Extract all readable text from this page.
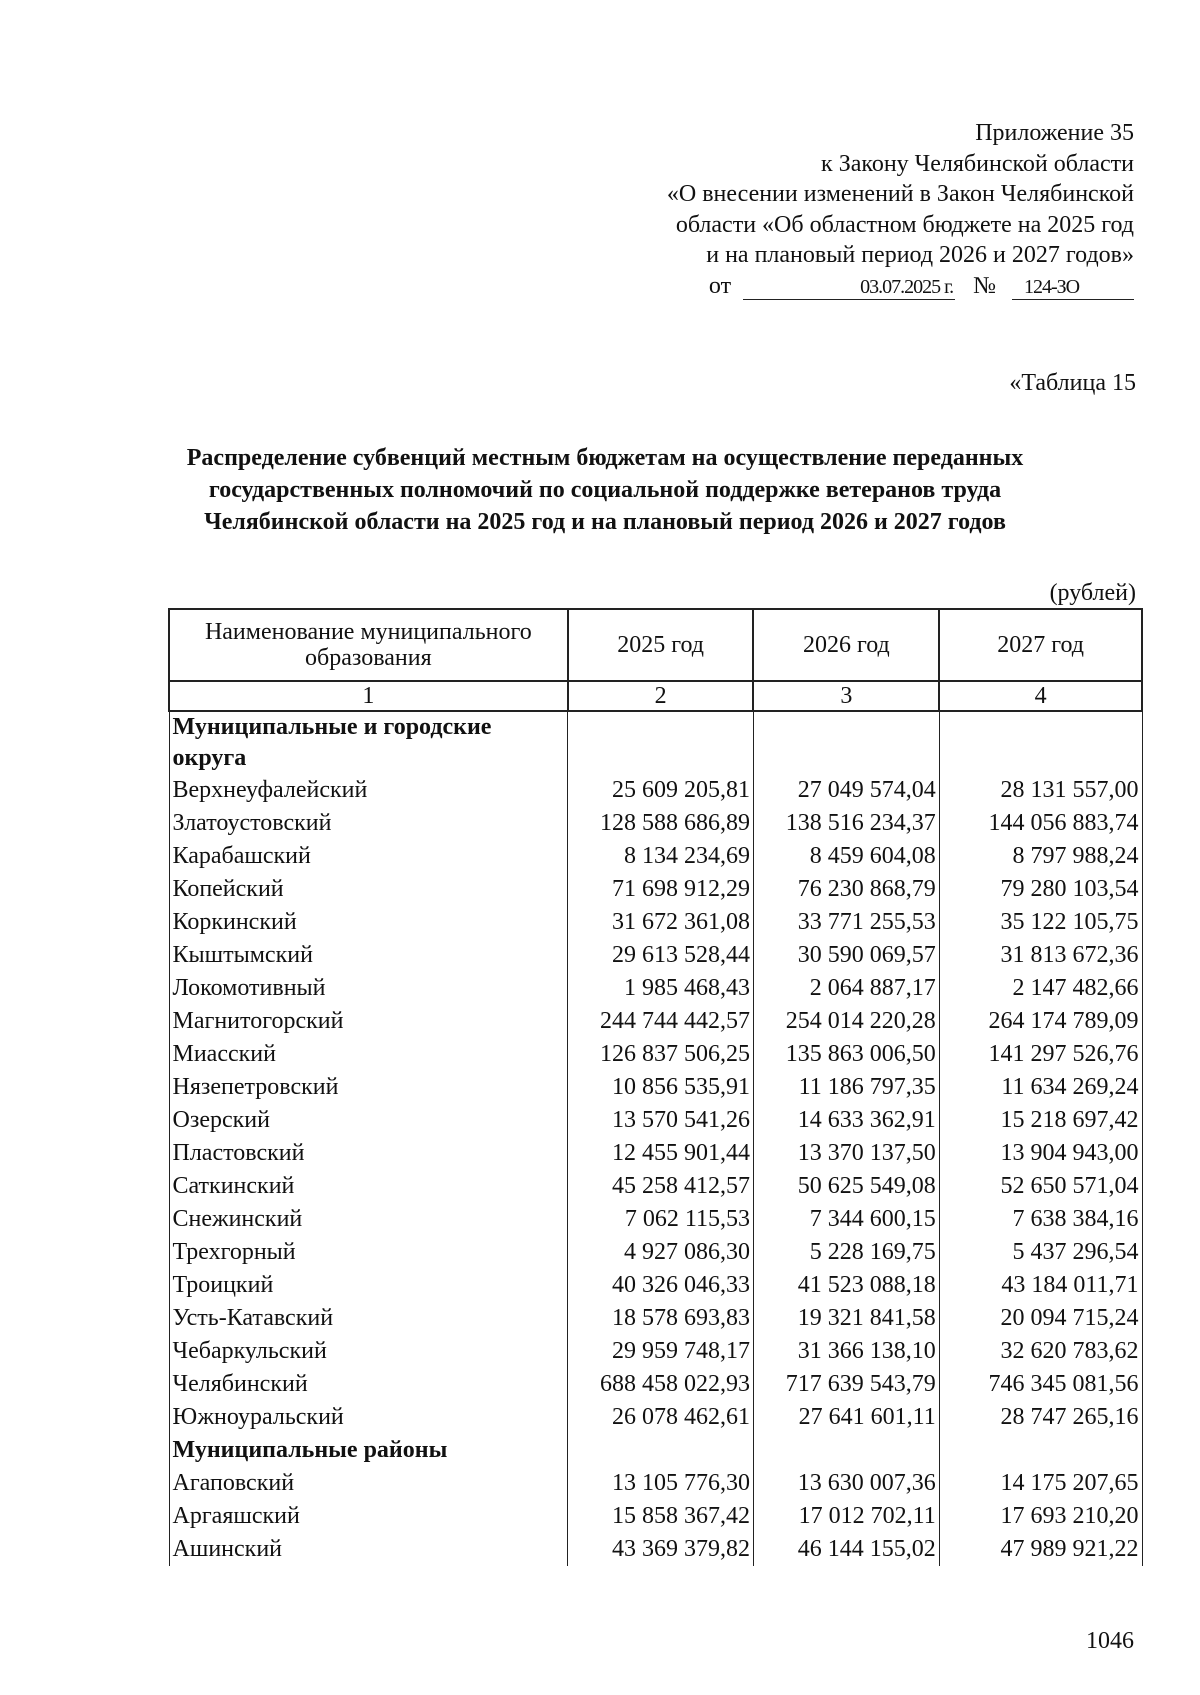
Приложение 35
к Закону Челябинской области
«О внесении изменений в Закон Челябинской
области «Об областном бюджете на 2025 год
и на плановый период 2026 и 2027 годов»
от	03.07.2025 г. № 124-ЗО
«Таблица 15
Распределение субвенций местным бюджетам на осуществление переданных государственных полномочий по социальной поддержке ветеранов труда Челябинской области на 2025 год и на плановый период 2026 и 2027 годов
(рублей)
Наименование муниципального образования	2025 год	2026 год	2027 год
1	2	3	4
Муниципальные и городские округа			
Верхнеуфалейский	25 609 205,81	27 049 574,04	28 131 557,00
Златоустовский	128 588 686,89	138 516 234,37	144 056 883,74
Карабашский	8 134 234,69	8 459 604,08	8 797 988,24
Копейский	71 698 912,29	76 230 868,79	79 280 103,54
Коркинский	31 672 361,08	33 771 255,53	35 122 105,75
Кыштымский	29 613 528,44	30 590 069,57	31 813 672,36
Локомотивный	1 985 468,43	2 064 887,17	2 147 482,66
Магнитогорский	244 744 442,57	254 014 220,28	264 174 789,09
Миасский	126 837 506,25	135 863 006,50	141 297 526,76
Нязепетровский	10 856 535,91	11 186 797,35	11 634 269,24
Озерский	13 570 541,26	14 633 362,91	15 218 697,42
Пластовский	12 455 901,44	13 370 137,50	13 904 943,00
Саткинский	45 258 412,57	50 625 549,08	52 650 571,04
Снежинский	7 062 115,53	7 344 600,15	7 638 384,16
Трехгорный	4 927 086,30	5 228 169,75	5 437 296,54
Троицкий	40 326 046,33	41 523 088,18	43 184 011,71
Усть-Катавский	18 578 693,83	19 321 841,58	20 094 715,24
Чебаркульский	29 959 748,17	31 366 138,10	32 620 783,62
Челябинский	688 458 022,93	717 639 543,79	746 345 081,56
Южноуральский	26 078 462,61	27 641 601,11	28 747 265,16
Муниципальные районы			
Агаповский	13 105 776,30	13 630 007,36	14 175 207,65
Аргаяшский	15 858 367,42	17 012 702,11	17 693 210,20
Ашинский	43 369 379,82	46 144 155,02	47 989 921,22
1046
